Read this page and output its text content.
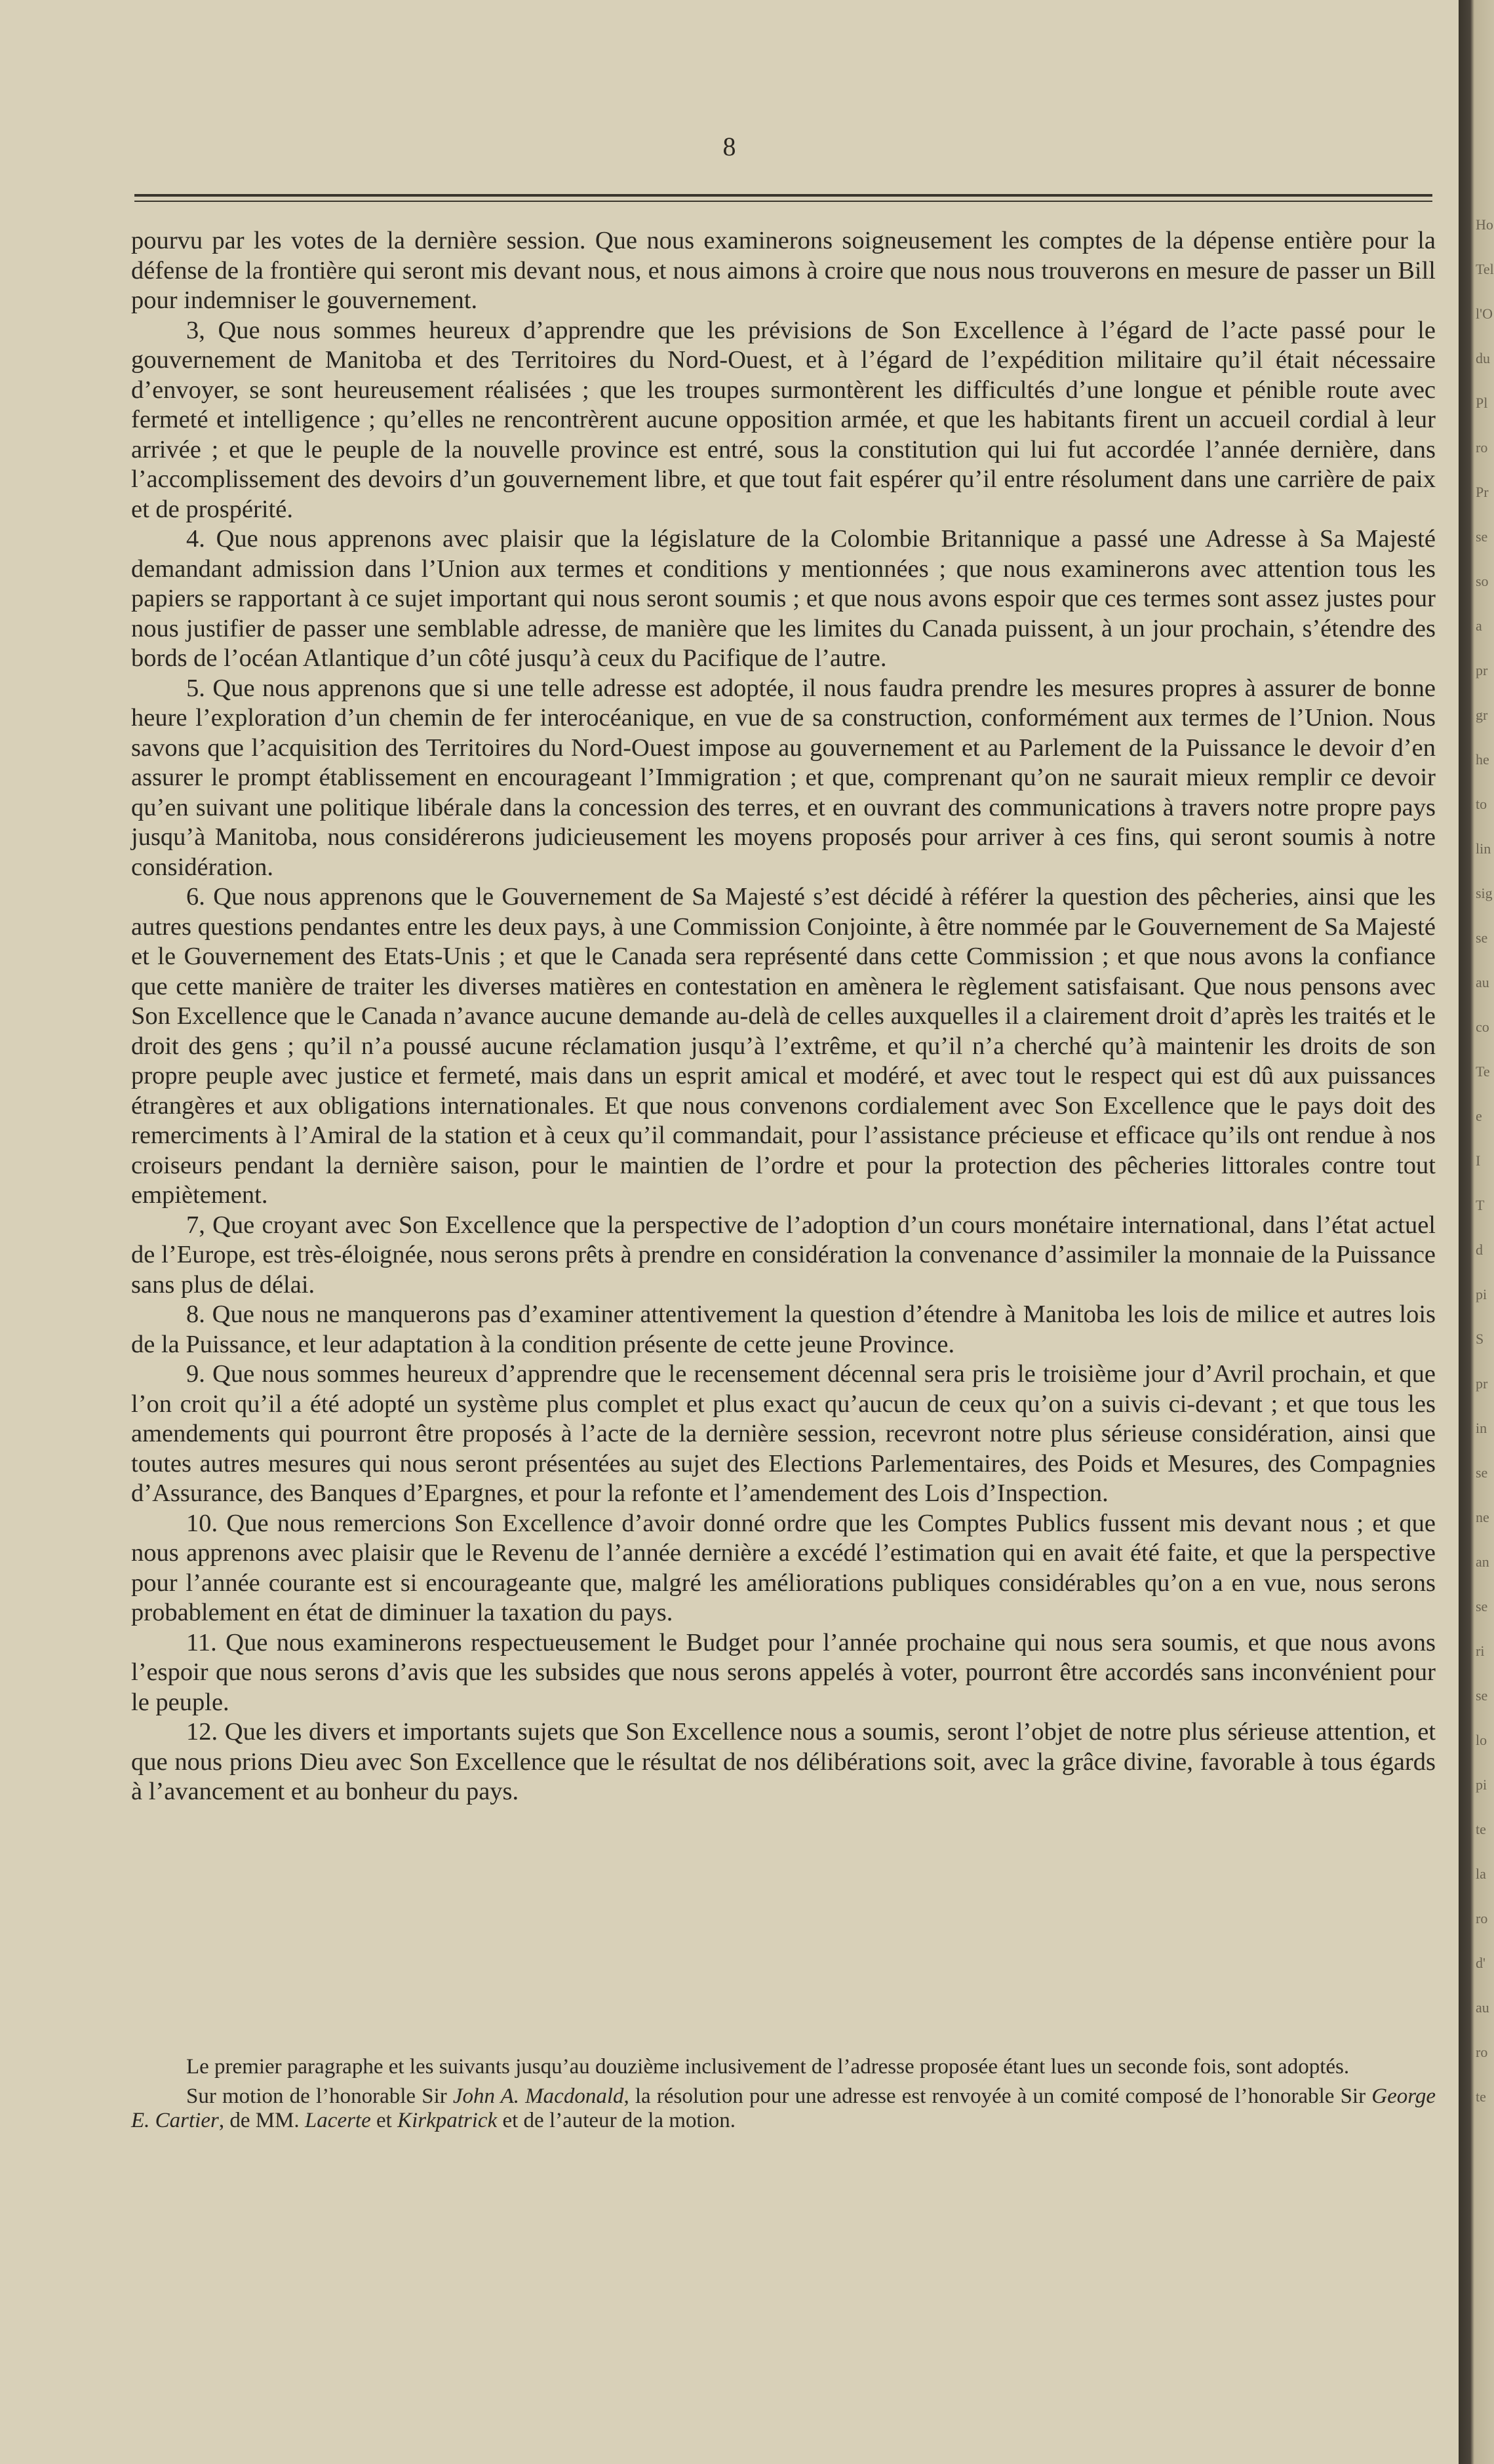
8

pourvu par les votes de la dernière session. Que nous examinerons soigneusement les comptes de la dépense entière pour la défense de la frontière qui seront mis devant nous, et nous aimons à croire que nous nous trouverons en mesure de passer un Bill pour indemniser le gouvernement.

3, Que nous sommes heureux d’apprendre que les prévisions de Son Excellence à l’égard de l’acte passé pour le gouvernement de Manitoba et des Territoires du Nord-Ouest, et à l’égard de l’expédition militaire qu’il était nécessaire d’envoyer, se sont heureusement réalisées ; que les troupes surmontèrent les difficultés d’une longue et pénible route avec fermeté et intelligence ; qu’elles ne rencontrèrent aucune opposition armée, et que les habitants firent un accueil cordial à leur arrivée ; et que le peuple de la nouvelle province est entré, sous la constitution qui lui fut accordée l’année dernière, dans l’accomplissement des devoirs d’un gouvernement libre, et que tout fait espérer qu’il entre résolument dans une carrière de paix et de prospérité.

4. Que nous apprenons avec plaisir que la législature de la Colombie Britannique a passé une Adresse à Sa Majesté demandant admission dans l’Union aux termes et conditions y mentionnées ; que nous examinerons avec attention tous les papiers se rapportant à ce sujet important qui nous seront soumis ; et que nous avons espoir que ces termes sont assez justes pour nous justifier de passer une semblable adresse, de manière que les limites du Canada puissent, à un jour prochain, s’étendre des bords de l’océan Atlantique d’un côté jusqu’à ceux du Pacifique de l’autre.

5. Que nous apprenons que si une telle adresse est adoptée, il nous faudra prendre les mesures propres à assurer de bonne heure l’exploration d’un chemin de fer interocéanique, en vue de sa construction, conformément aux termes de l’Union. Nous savons que l’acquisition des Territoires du Nord-Ouest impose au gouvernement et au Parlement de la Puissance le devoir d’en assurer le prompt établissement en encourageant l’Immigration ; et que, comprenant qu’on ne saurait mieux remplir ce devoir qu’en suivant une politique libérale dans la concession des terres, et en ouvrant des communications à travers notre propre pays jusqu’à Manitoba, nous considérerons judicieusement les moyens proposés pour arriver à ces fins, qui seront soumis à notre considération.

6. Que nous apprenons que le Gouvernement de Sa Majesté s’est décidé à référer la question des pêcheries, ainsi que les autres questions pendantes entre les deux pays, à une Commission Conjointe, à être nommée par le Gouvernement de Sa Majesté et le Gouvernement des Etats-Unis ; et que le Canada sera représenté dans cette Commission ; et que nous avons la confiance que cette manière de traiter les diverses matières en contestation en amènera le règlement satisfaisant. Que nous pensons avec Son Excellence que le Canada n’avance aucune demande au-delà de celles auxquelles il a clairement droit d’après les traités et le droit des gens ; qu’il n’a poussé aucune réclamation jusqu’à l’extrême, et qu’il n’a cherché qu’à maintenir les droits de son propre peuple avec justice et fermeté, mais dans un esprit amical et modéré, et avec tout le respect qui est dû aux puissances étrangères et aux obligations internationales. Et que nous convenons cordialement avec Son Excellence que le pays doit des remerciments à l’Amiral de la station et à ceux qu’il commandait, pour l’assistance précieuse et efficace qu’ils ont rendue à nos croiseurs pendant la dernière saison, pour le maintien de l’ordre et pour la protection des pêcheries littorales contre tout empiètement.

7, Que croyant avec Son Excellence que la perspective de l’adoption d’un cours monétaire international, dans l’état actuel de l’Europe, est très-éloignée, nous serons prêts à prendre en considération la convenance d’assimiler la monnaie de la Puissance sans plus de délai.

8. Que nous ne manquerons pas d’examiner attentivement la question d’étendre à Manitoba les lois de milice et autres lois de la Puissance, et leur adaptation à la condition présente de cette jeune Province.

9. Que nous sommes heureux d’apprendre que le recensement décennal sera pris le troisième jour d’Avril prochain, et que l’on croit qu’il a été adopté un système plus complet et plus exact qu’aucun de ceux qu’on a suivis ci-devant ; et que tous les amendements qui pourront être proposés à l’acte de la dernière session, recevront notre plus sérieuse considération, ainsi que toutes autres mesures qui nous seront présentées au sujet des Elections Parlementaires, des Poids et Mesures, des Compagnies d’Assurance, des Banques d’Epargnes, et pour la refonte et l’amendement des Lois d’Inspection.

10. Que nous remercions Son Excellence d’avoir donné ordre que les Comptes Publics fussent mis devant nous ; et que nous apprenons avec plaisir que le Revenu de l’année dernière a excédé l’estimation qui en avait été faite, et que la perspective pour l’année courante est si encourageante que, malgré les améliorations publiques considérables qu’on a en vue, nous serons probablement en état de diminuer la taxation du pays.

11. Que nous examinerons respectueusement le Budget pour l’année prochaine qui nous sera soumis, et que nous avons l’espoir que nous serons d’avis que les subsides que nous serons appelés à voter, pourront être accordés sans inconvénient pour le peuple.

12. Que les divers et importants sujets que Son Excellence nous a soumis, seront l’objet de notre plus sérieuse attention, et que nous prions Dieu avec Son Excellence que le résultat de nos délibérations soit, avec la grâce divine, favorable à tous égards à l’avancement et au bonheur du pays.

Le premier paragraphe et les suivants jusqu’au douzième inclusivement de l’adresse proposée étant lues un seconde fois, sont adoptés.

Sur motion de l’honorable Sir John A. Macdonald, la résolution pour une adresse est renvoyée à un comité composé de l’honorable Sir George E. Cartier, de MM. Lacerte et Kirkpatrick et de l’auteur de la motion.

Ho
Tel
l'O
du
Pl
ro
Pr
se
so
a
pr
gr
he
to
lin
sig
se
au
co
Te
e
I
T
d
pi
S
pr
in
se
ne
an
se
ri
se
lo
pi
te
la
ro
d'
au
ro
te
